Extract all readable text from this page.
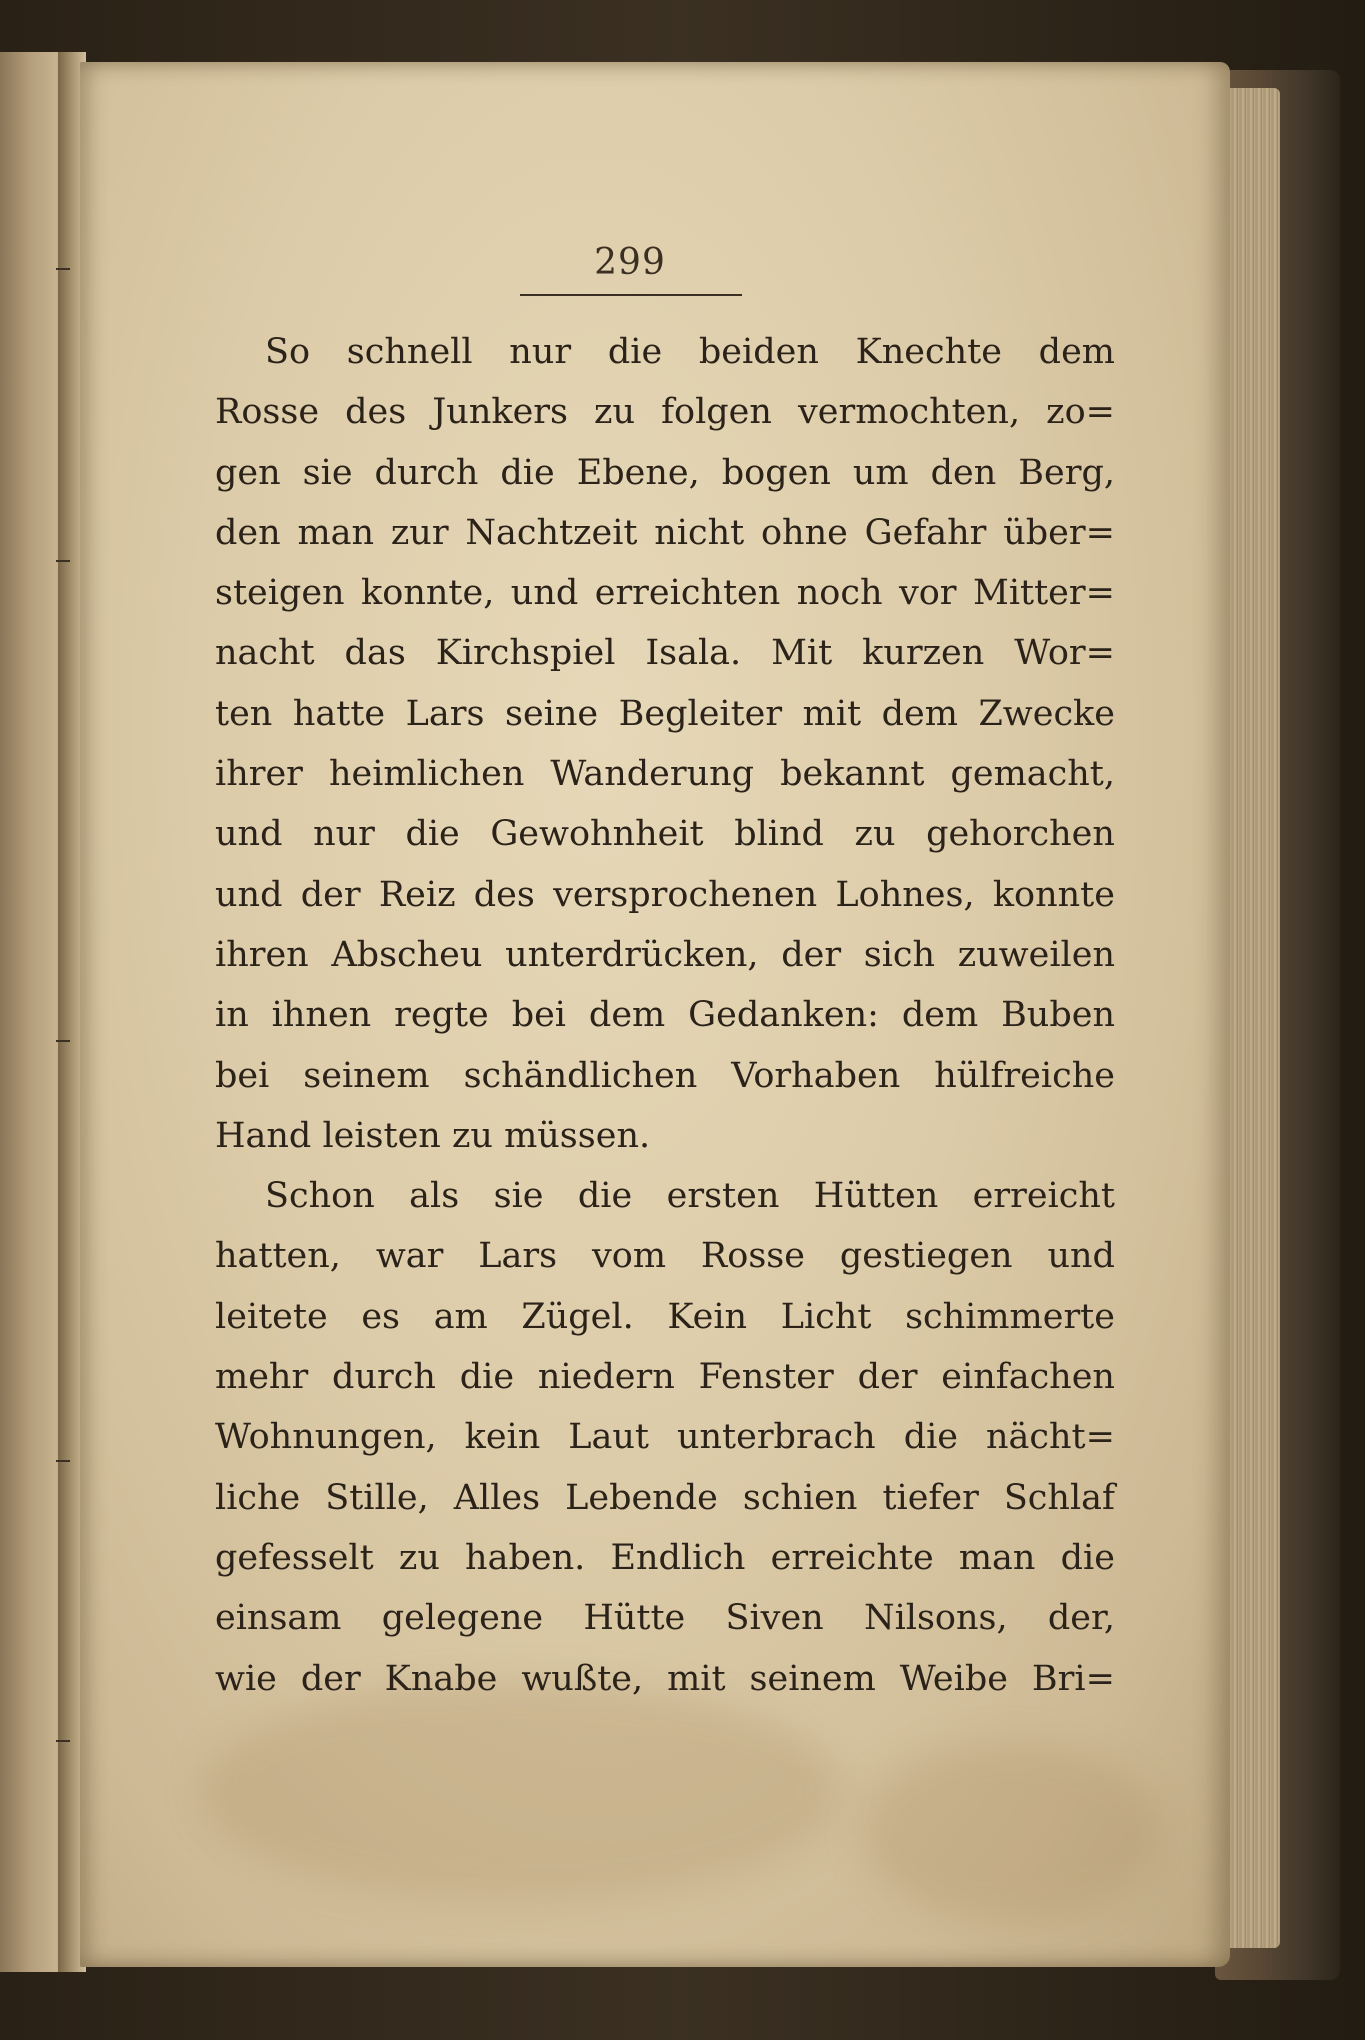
299
So schnell nur die beiden Knechte dem
Rosse des Junkers zu folgen vermochten, zo=
gen sie durch die Ebene, bogen um den Berg,
den man zur Nachtzeit nicht ohne Gefahr über=
steigen konnte, und erreichten noch vor Mitter=
nacht das Kirchspiel Isala. Mit kurzen Wor=
ten hatte Lars seine Begleiter mit dem Zwecke
ihrer heimlichen Wanderung bekannt gemacht,
und nur die Gewohnheit blind zu gehorchen
und der Reiz des versprochenen Lohnes, konnte
ihren Abscheu unterdrücken, der sich zuweilen
in ihnen regte bei dem Gedanken: dem Buben
bei seinem schändlichen Vorhaben hülfreiche
Hand leisten zu müssen.
Schon als sie die ersten Hütten erreicht
hatten, war Lars vom Rosse gestiegen und
leitete es am Zügel. Kein Licht schimmerte
mehr durch die niedern Fenster der einfachen
Wohnungen, kein Laut unterbrach die nächt=
liche Stille, Alles Lebende schien tiefer Schlaf
gefesselt zu haben. Endlich erreichte man die
einsam gelegene Hütte Siven Nilsons, der,
wie der Knabe wußte, mit seinem Weibe Bri=
